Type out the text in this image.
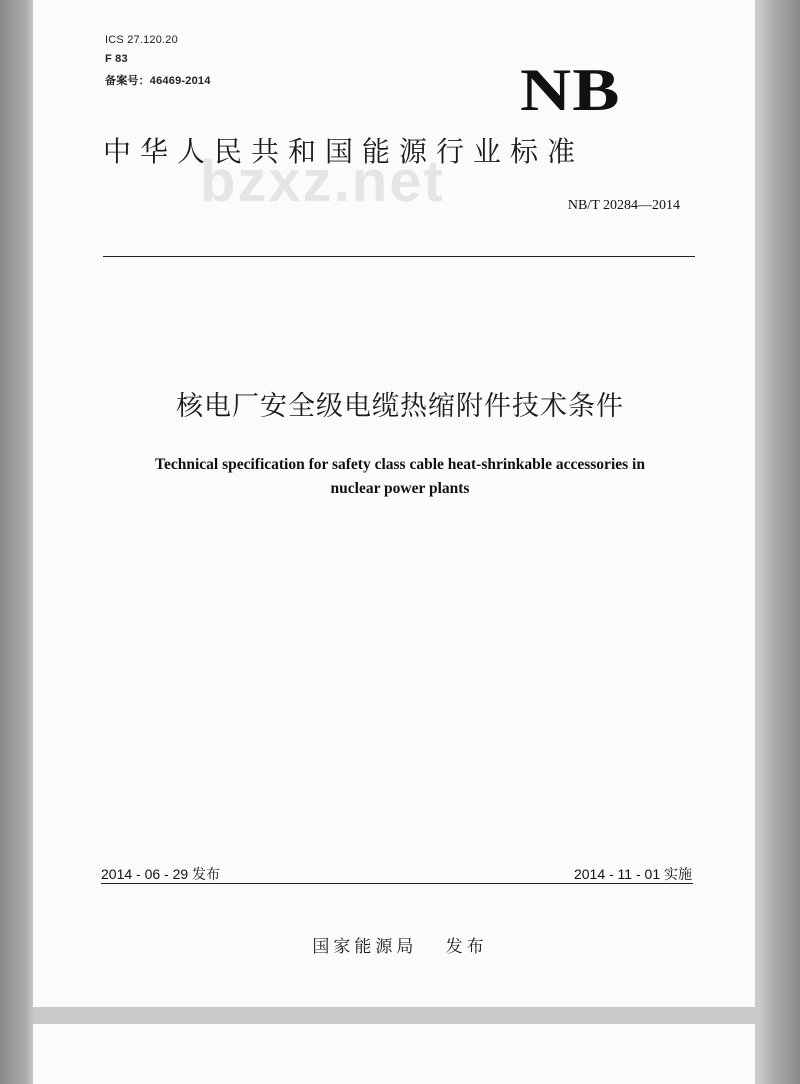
ICS 27.120.20
F 83
备案号：46469-2014	NB
中华人民共和国能源行业标准
bzxz.net	NB/T 20284—2014
核电厂安全级电缆热缩附件技术条件
Technical specification for safety class cable heat-shrinkable accessories in
nuclear power plants
2014 - 06 - 29 发布	2014 - 11 - 01 实施
国家能源局 发布
